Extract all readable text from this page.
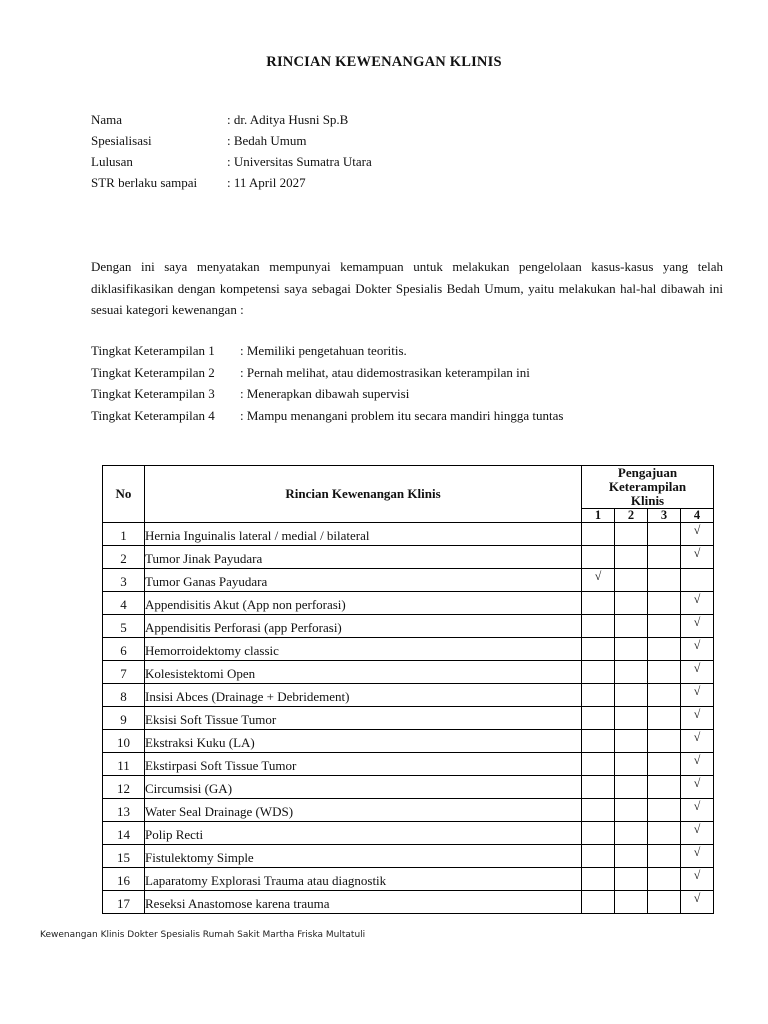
RINCIAN KEWENANGAN KLINIS
Nama	: dr. Aditya Husni Sp.B
Spesialisasi	: Bedah Umum
Lulusan	: Universitas Sumatra Utara
STR berlaku sampai : 11 April 2027
Dengan ini saya menyatakan mempunyai kemampuan untuk melakukan pengelolaan kasus-kasus yang telah diklasifikasikan dengan kompetensi saya sebagai Dokter Spesialis Bedah Umum, yaitu melakukan hal-hal dibawah ini sesuai kategori kewenangan :
Tingkat Keterampilan 1 : Memiliki pengetahuan teoritis.
Tingkat Keterampilan 2 : Pernah melihat, atau didemostrasikan keterampilan ini
Tingkat Keterampilan 3 : Menerapkan dibawah supervisi
Tingkat Keterampilan 4 : Mampu menangani problem itu secara mandiri hingga tuntas
No	Rincian Kewenangan Klinis	Pengajuan
Keterampilan
Klinis			

		1	2	3	4
1	Hernia Inguinalis lateral / medial / bilateral				√
2	Tumor Jinak Payudara				√
3	Tumor Ganas Payudara	√			
4	Appendisitis Akut (App non perforasi)				√
5	Appendisitis Perforasi (app Perforasi)				√
6	Hemorroidektomy classic				√
7	Kolesistektomi Open				√
8	Insisi Abces (Drainage + Debridement)				√
9	Eksisi Soft Tissue Tumor				√
10	Ekstraksi Kuku (LA)				√
11	Ekstirpasi Soft Tissue Tumor				√
12	Circumsisi (GA)				√
13	Water Seal Drainage (WDS)				√
14	Polip Recti				√
15	Fistulektomy Simple				√
16	Laparatomy Explorasi Trauma atau diagnostik				√
17	Reseksi Anastomose karena trauma				√
Kewenangan Klinis Dokter Spesialis Rumah Sakit Martha Friska Multatuli
